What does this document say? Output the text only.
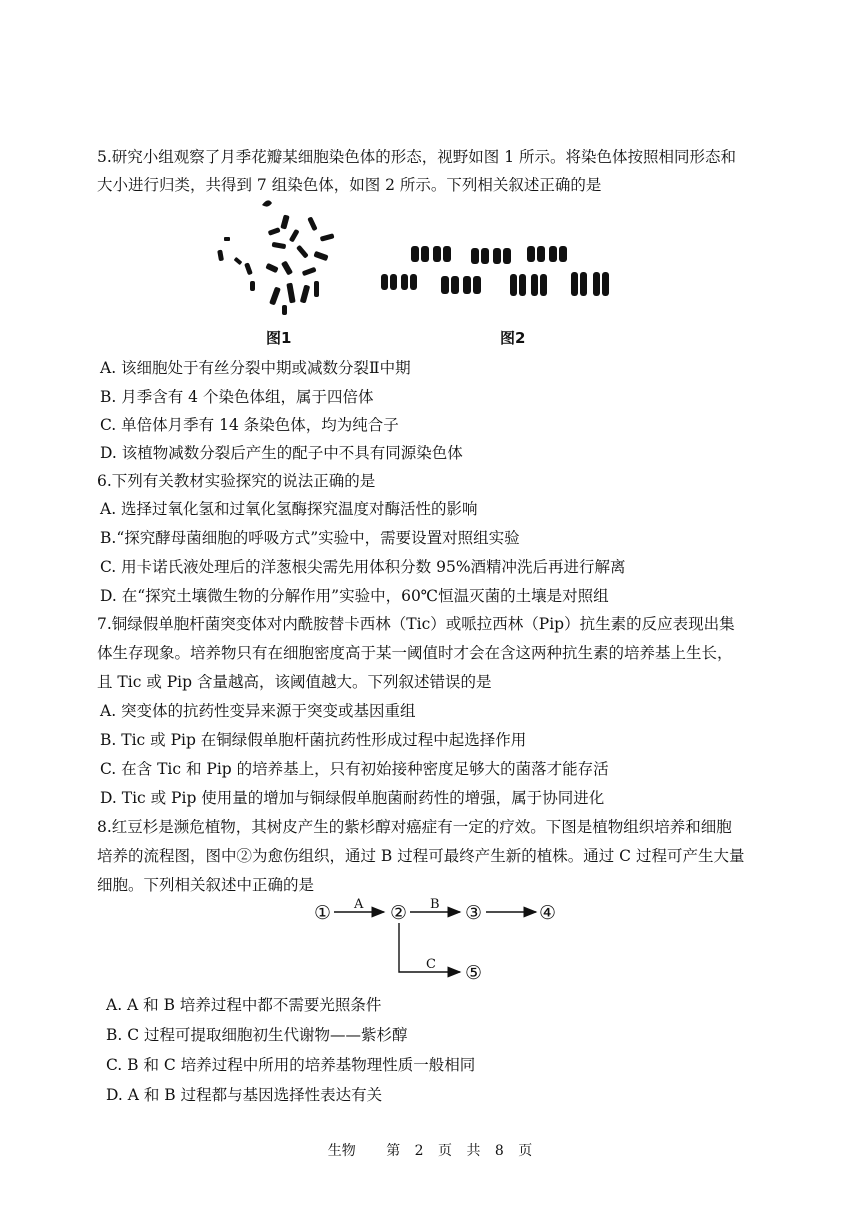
5.研究小组观察了月季花瓣某细胞染色体的形态，视野如图 1 所示。将染色体按照相同形态和
大小进行归类，共得到 7 组染色体，如图 2 所示。下列相关叙述正确的是
图1	图2
A. 该细胞处于有丝分裂中期或减数分裂Ⅱ中期
B. 月季含有 4 个染色体组，属于四倍体
C. 单倍体月季有 14 条染色体，均为纯合子
D. 该植物减数分裂后产生的配子中不具有同源染色体
6.下列有关教材实验探究的说法正确的是
A. 选择过氧化氢和过氧化氢酶探究温度对酶活性的影响
B.“探究酵母菌细胞的呼吸方式”实验中，需要设置对照组实验
C. 用卡诺氏液处理后的洋葱根尖需先用体积分数 95%酒精冲洗后再进行解离
D. 在“探究土壤微生物的分解作用”实验中，60℃恒温灭菌的土壤是对照组
7.铜绿假单胞杆菌突变体对内酰胺替卡西林（Tic）或哌拉西林（Pip）抗生素的反应表现出集
体生存现象。培养物只有在细胞密度高于某一阈值时才会在含这两种抗生素的培养基上生长，
且 Tic 或 Pip 含量越高，该阈值越大。下列叙述错误的是
A. 突变体的抗药性变异来源于突变或基因重组
B. Tic 或 Pip 在铜绿假单胞杆菌抗药性形成过程中起选择作用
C. 在含 Tic 和 Pip 的培养基上，只有初始接种密度足够大的菌落才能存活
D. Tic 或 Pip 使用量的增加与铜绿假单胞菌耐药性的增强，属于协同进化
8.红豆杉是濒危植物，其树皮产生的紫杉醇对癌症有一定的疗效。下图是植物组织培养和细胞
培养的流程图，图中②为愈伤组织，通过 B 过程可最终产生新的植株。通过 C 过程可产生大量
细胞。下列相关叙述中正确的是
①	②	③	④
⑤
A	B
C
A. A 和 B 培养过程中都不需要光照条件
B. C 过程可提取细胞初生代谢物——紫杉醇
C. B 和 C 培养过程中所用的培养基物理性质一般相同
D. A 和 B 过程都与基因选择性表达有关
生物 第 2 页 共 8 页
